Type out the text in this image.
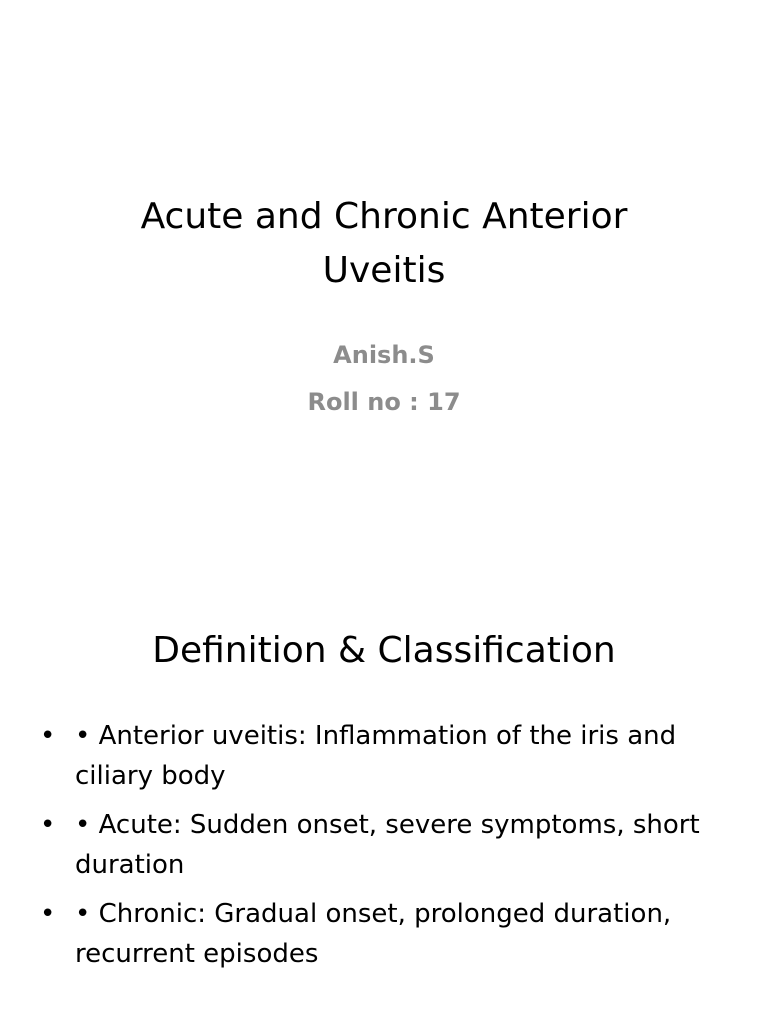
Acute and Chronic Anterior
Uveitis
Anish.S
Roll no : 17
Definition & Classification
• • Anterior uveitis: Inflammation of the iris and ciliary body
• • Acute: Sudden onset, severe symptoms, short duration
• • Chronic: Gradual onset, prolonged duration, recurrent episodes
